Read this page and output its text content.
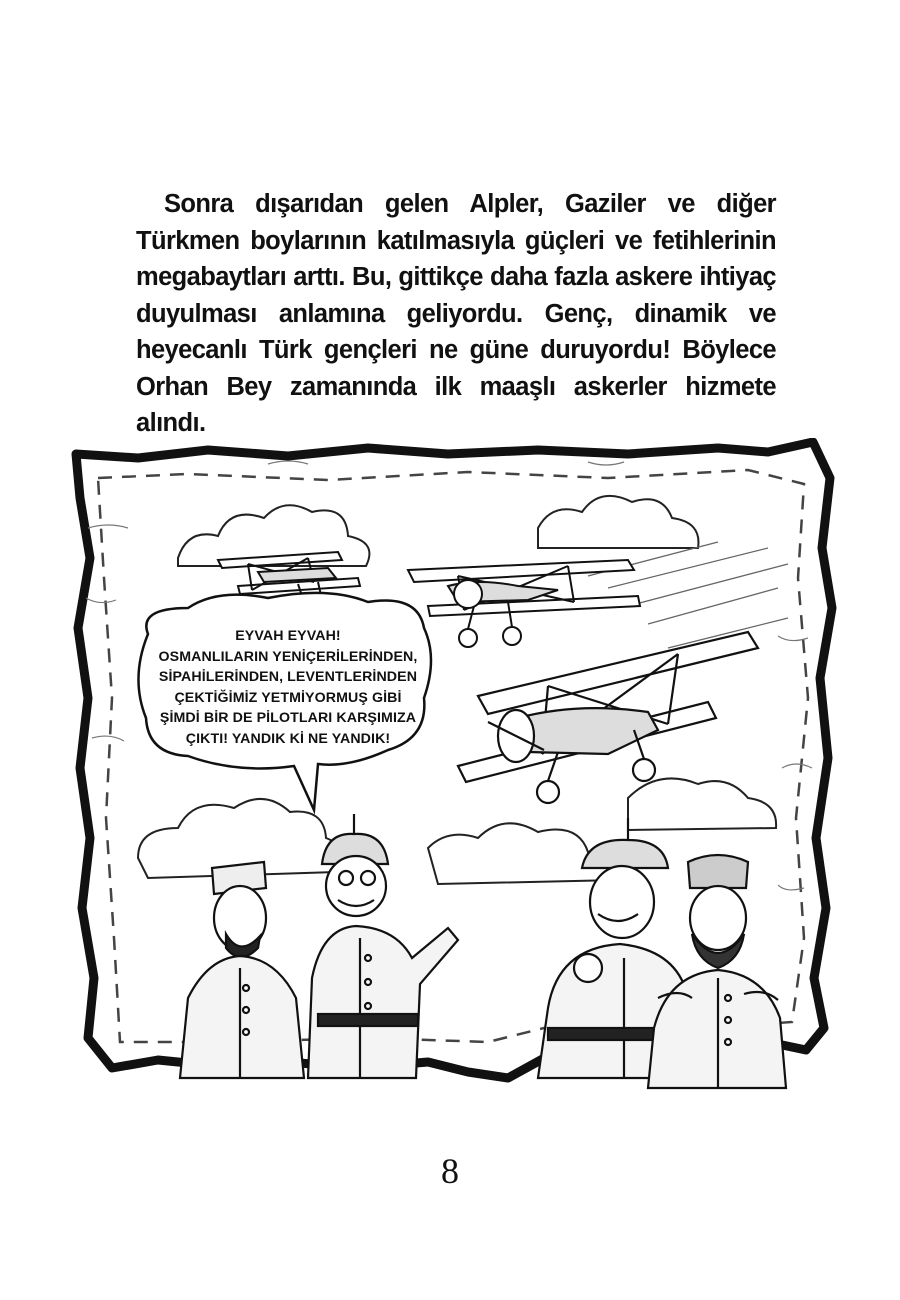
Sonra dışarıdan gelen Alpler, Gaziler ve diğer Türkmen boylarının katılmasıyla güçleri ve fetihlerinin megabaytları arttı. Bu, gittikçe daha fazla askere ihtiyaç duyulması anlamına geliyordu. Genç, dinamik ve heyecanlı Türk gençleri ne güne duruyordu! Böylece Orhan Bey zamanında ilk maaşlı askerler hizmete alındı.

EYVAH EYVAH!
OSMANLILARIN YENİÇERİLERİNDEN,
SİPAHİLERİNDEN, LEVENTLERİNDEN
ÇEKTİĞİMİZ YETMİYORMUŞ GİBİ
ŞİMDİ BİR DE PİLOTLARI KARŞIMIZA
ÇIKTI! YANDIK Kİ NE YANDIK!
8
